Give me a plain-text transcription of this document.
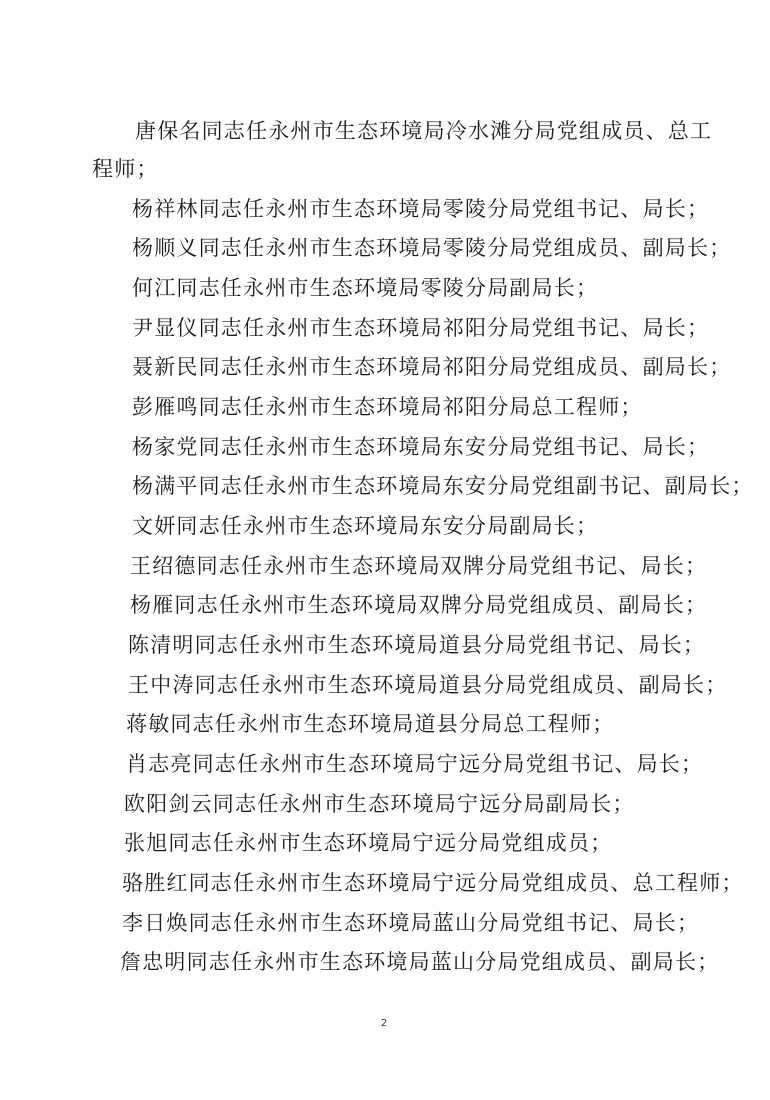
唐保名同志任永州市生态环境局冷水滩分局党组成员、总工
程师；
杨祥林同志任永州市生态环境局零陵分局党组书记、局长；
杨顺义同志任永州市生态环境局零陵分局党组成员、副局长；
何江同志任永州市生态环境局零陵分局副局长；
尹显仪同志任永州市生态环境局祁阳分局党组书记、局长；
聂新民同志任永州市生态环境局祁阳分局党组成员、副局长；
彭雁鸣同志任永州市生态环境局祁阳分局总工程师；
杨家党同志任永州市生态环境局东安分局党组书记、局长；
杨满平同志任永州市生态环境局东安分局党组副书记、副局长；
文妍同志任永州市生态环境局东安分局副局长；
王绍德同志任永州市生态环境局双牌分局党组书记、局长；
杨雁同志任永州市生态环境局双牌分局党组成员、副局长；
陈清明同志任永州市生态环境局道县分局党组书记、局长；
王中涛同志任永州市生态环境局道县分局党组成员、副局长；
蒋敏同志任永州市生态环境局道县分局总工程师；
肖志亮同志任永州市生态环境局宁远分局党组书记、局长；
欧阳剑云同志任永州市生态环境局宁远分局副局长；
张旭同志任永州市生态环境局宁远分局党组成员；
骆胜红同志任永州市生态环境局宁远分局党组成员、总工程师；
李日焕同志任永州市生态环境局蓝山分局党组书记、局长；
詹忠明同志任永州市生态环境局蓝山分局党组成员、副局长；
2
